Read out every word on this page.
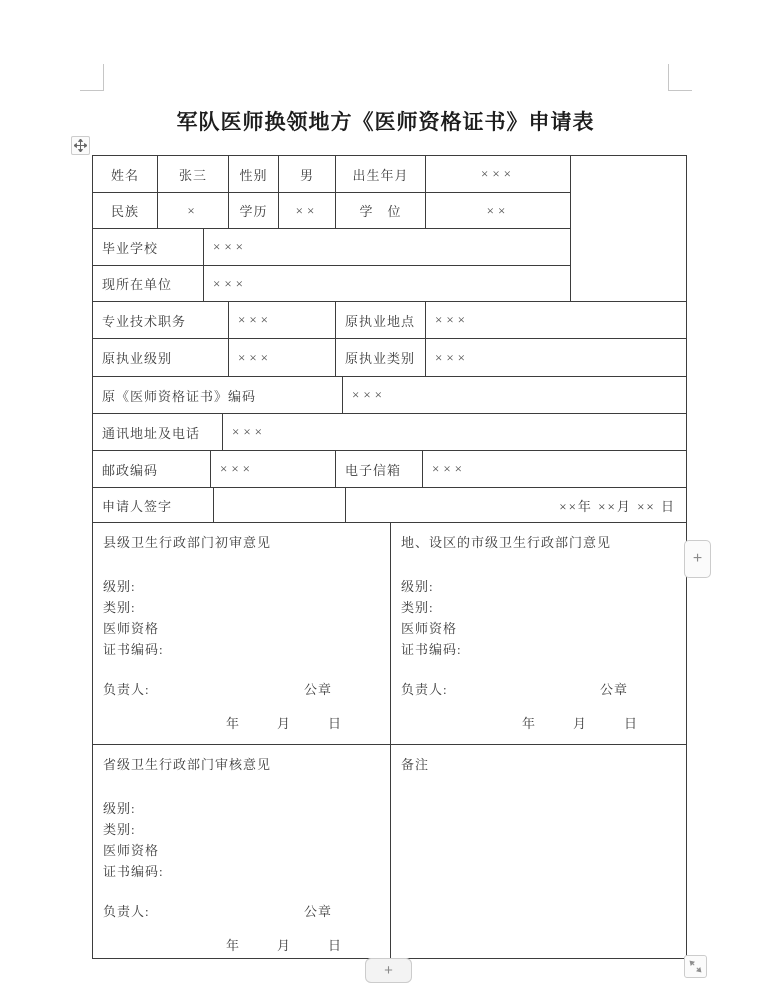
军队医师换领地方《医师资格证书》申请表
姓名	张三 性别 男	出生年月	×××
民族	×	学历 ××	学　位	××
毕业学校	×××
现所在单位	×××
专业技术职务	×××	原执业地点 ×××
原执业级别	×××	原执业类别 ×××
原《医师资格证书》编码	×××
通讯地址及电话 ×××
邮政编码	×××	电子信箱 ×××
申请人签字	××年 ××月 ×× 日
县级卫生行政部门初审意见
级别:
类别:
医师资格
证书编码:
负责人:	公章
年	月	日
地、设区的市级卫生行政部门意见
级别:
类别:
医师资格
证书编码:
负责人:	公章
年	月	日
省级卫生行政部门审核意见
级别:
类别:
医师资格
证书编码:
负责人:	公章
年	月	日
备注
+
+
